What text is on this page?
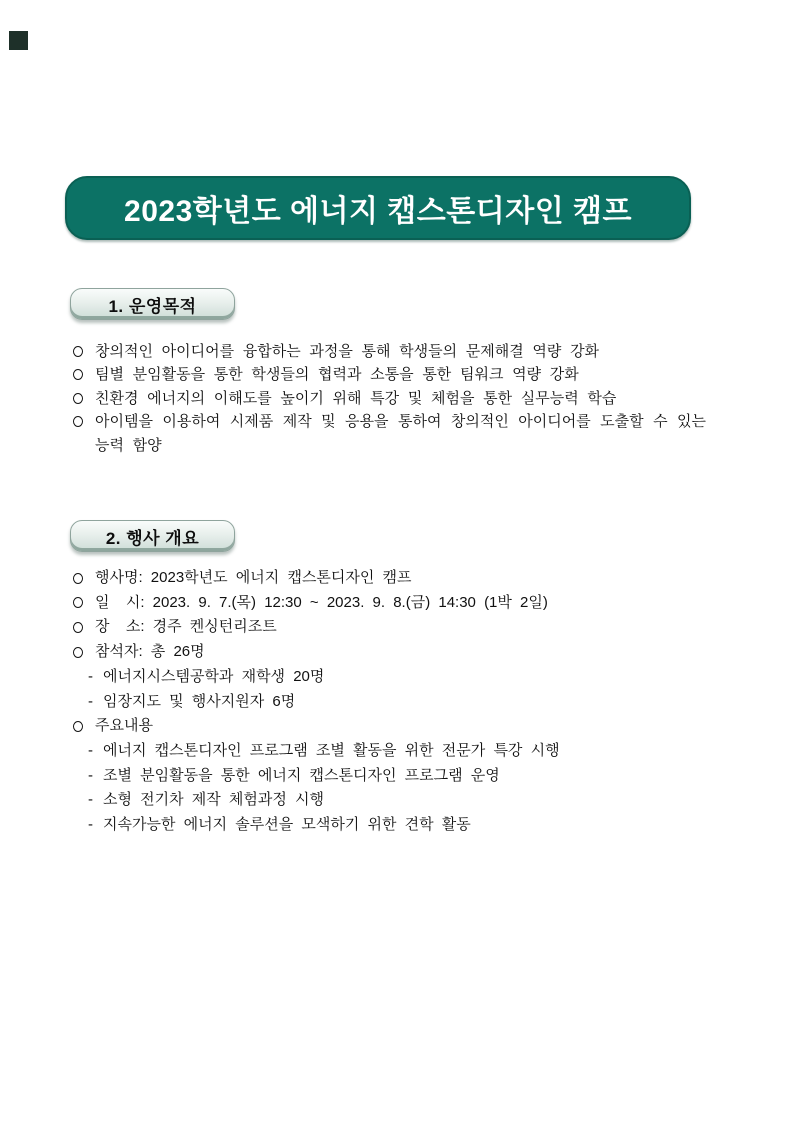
2023학년도 에너지 캡스톤디자인 캠프
1. 운영목적
창의적인 아이디어를 융합하는 과정을 통해 학생들의 문제해결 역량 강화
팀별 분임활동을 통한 학생들의 협력과 소통을 통한 팀워크 역량 강화
친환경 에너지의 이해도를 높이기 위해 특강 및 체험을 통한 실무능력 학습
아이템을 이용하여 시제품 제작 및 응용을 통하여 창의적인 아이디어를 도출할 수 있는 능력 함양
2. 행사 개요
행사명: 2023학년도 에너지 캡스톤디자인 캠프
일  시: 2023. 9. 7.(목) 12:30 ~ 2023. 9. 8.(금) 14:30 (1박 2일)
장  소: 경주 켄싱턴리조트
참석자: 총 26명
- 에너지시스템공학과 재학생 20명
- 임장지도 및 행사지원자 6명
주요내용
- 에너지 캡스톤디자인 프로그램 조별 활동을 위한 전문가 특강 시행
- 조별 분임활동을 통한 에너지 캡스톤디자인 프로그램 운영
- 소형 전기차 제작 체험과정 시행
- 지속가능한 에너지 솔루션을 모색하기 위한 견학 활동
